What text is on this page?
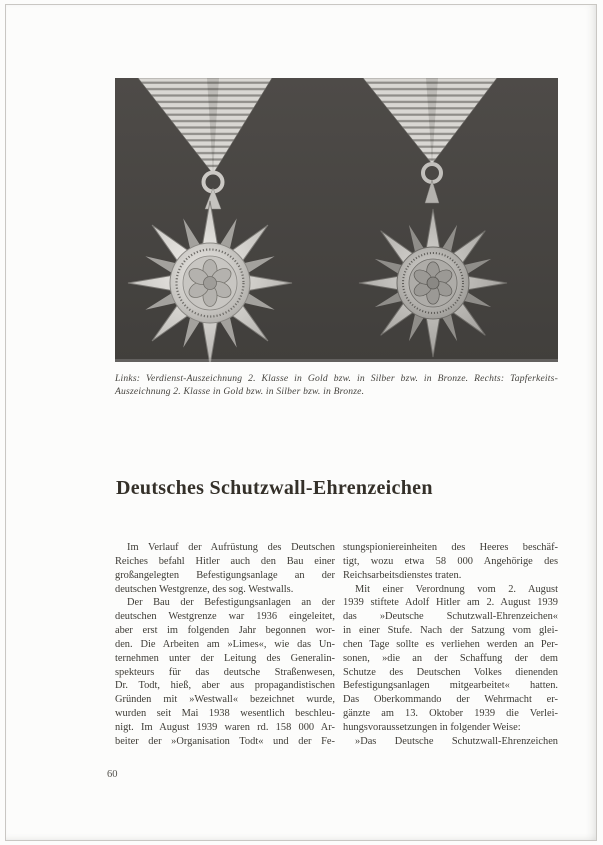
Links: Verdienst-Auszeichnung 2. Klasse in Gold bzw. in Silber bzw. in Bronze. Rechts: Tapferkeits-
Auszeichnung 2. Klasse in Gold bzw. in Silber bzw. in Bronze.
Deutsches Schutzwall-Ehrenzeichen
Im Verlauf der Aufrüstung des Deutschen
Reiches befahl Hitler auch den Bau einer
großangelegten Befestigungsanlage an der
deutschen Westgrenze, des sog. Westwalls.
Der Bau der Befestigungsanlagen an der
deutschen Westgrenze war 1936 eingeleitet,
aber erst im folgenden Jahr begonnen wor-
den. Die Arbeiten am »Limes«, wie das Un-
ternehmen unter der Leitung des Generalin-
spekteurs für das deutsche Straßenwesen,
Dr. Todt, hieß, aber aus propagandistischen
Gründen mit »Westwall« bezeichnet wurde,
wurden seit Mai 1938 wesentlich beschleu-
nigt. Im August 1939 waren rd. 158 000 Ar-
beiter der »Organisation Todt« und der Fe-
stungspioniereinheiten des Heeres beschäf-
tigt, wozu etwa 58 000 Angehörige des
Reichsarbeitsdienstes traten.
Mit einer Verordnung vom 2. August
1939 stiftete Adolf Hitler am 2. August 1939
das »Deutsche Schutzwall-Ehrenzeichen«
in einer Stufe. Nach der Satzung vom glei-
chen Tage sollte es verliehen werden an Per-
sonen, »die an der Schaffung der dem
Schutze des Deutschen Volkes dienenden
Befestigungsanlagen mitgearbeitet« hatten.
Das Oberkommando der Wehrmacht er-
gänzte am 13. Oktober 1939 die Verlei-
hungsvoraussetzungen in folgender Weise:
»Das Deutsche Schutzwall-Ehrenzeichen
60
